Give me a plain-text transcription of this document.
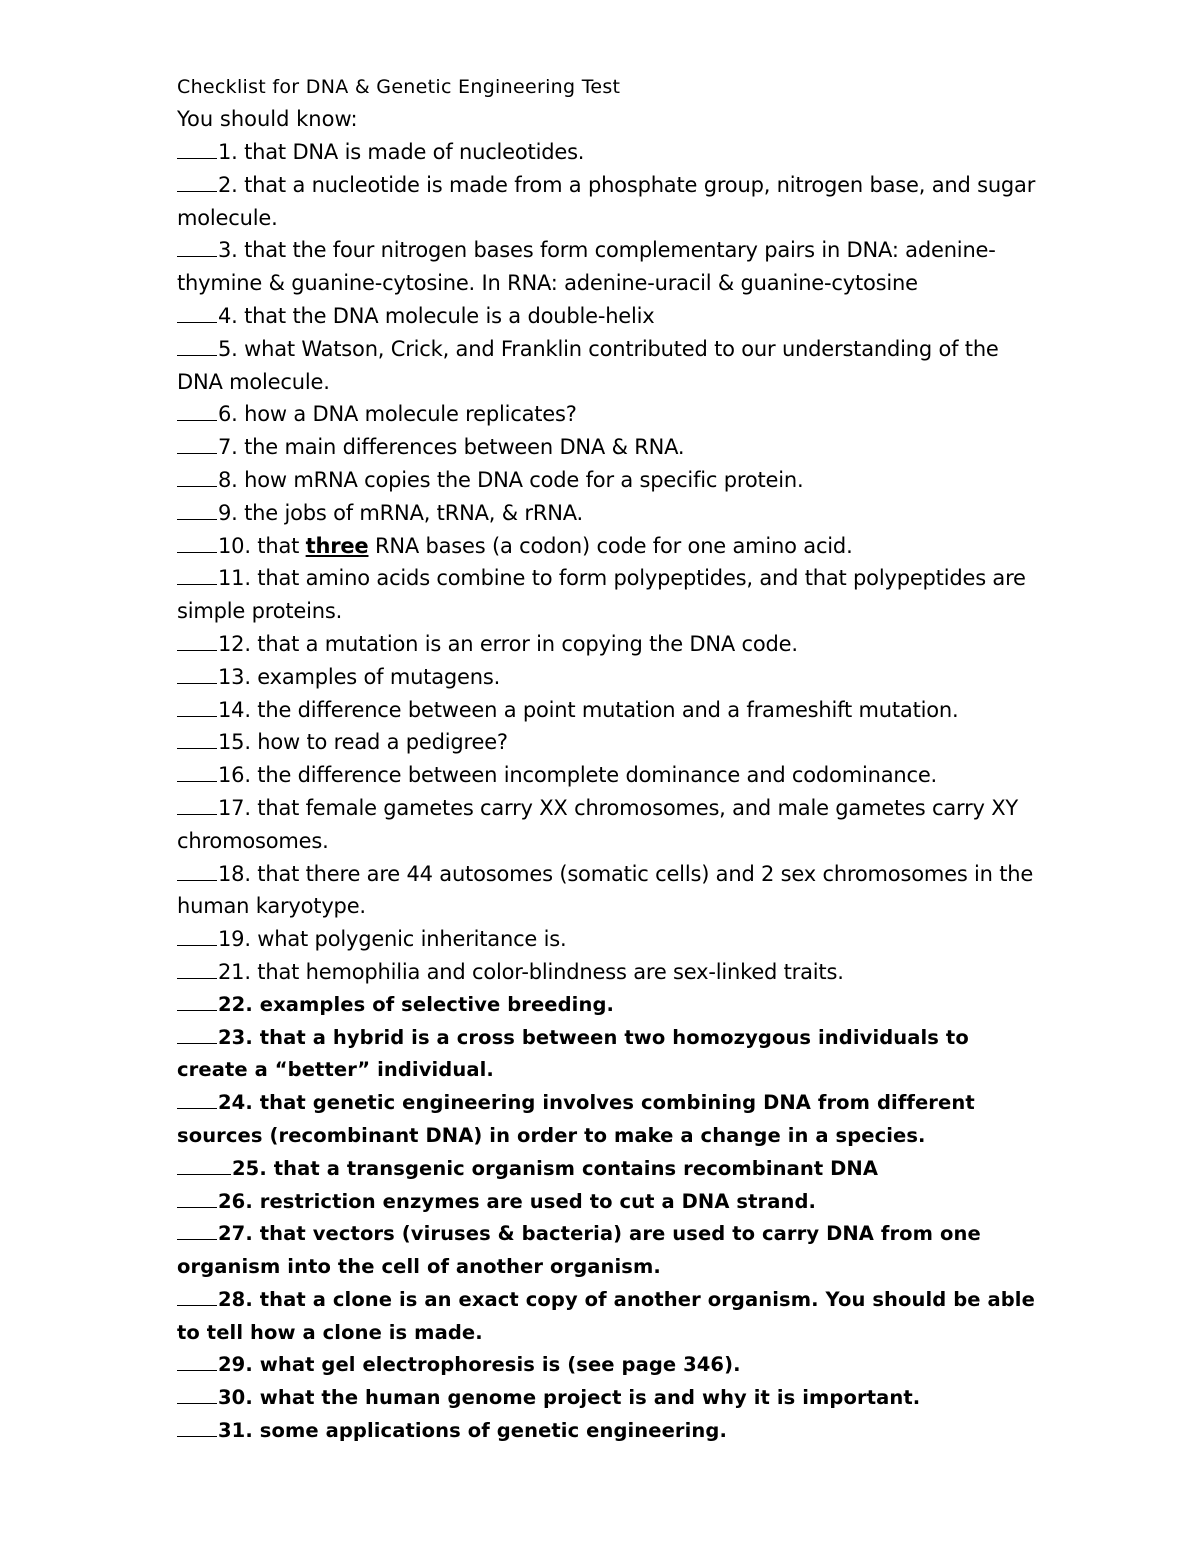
Checklist for DNA & Genetic Engineering Test

You should know:

1. that DNA is made of nucleotides.

2. that a nucleotide is made from a phosphate group, nitrogen base, and sugar molecule.

3. that the four nitrogen bases form complementary pairs in DNA: adenine-thymine & guanine-cytosine. In RNA: adenine-uracil & guanine-cytosine

4. that the DNA molecule is a double-helix

5. what Watson, Crick, and Franklin contributed to our understanding of the DNA molecule.

6. how a DNA molecule replicates?

7. the main differences between DNA & RNA.

8. how mRNA copies the DNA code for a specific protein.

9. the jobs of mRNA, tRNA, & rRNA.

10. that three RNA bases (a codon) code for one amino acid.

11. that amino acids combine to form polypeptides, and that polypeptides are simple proteins.

12. that a mutation is an error in copying the DNA code.

13. examples of mutagens.

14. the difference between a point mutation and a frameshift mutation.

15. how to read a pedigree?

16. the difference between incomplete dominance and codominance.

17. that female gametes carry XX chromosomes, and male gametes carry XY chromosomes.

18. that there are 44 autosomes (somatic cells) and 2 sex chromosomes in the human karyotype.

19. what polygenic inheritance is.

21. that hemophilia and color-blindness are sex-linked traits.

22. examples of selective breeding.

23. that a hybrid is a cross between two homozygous individuals to create a “better” individual.

24. that genetic engineering involves combining DNA from different sources (recombinant DNA) in order to make a change in a species.

25. that a transgenic organism contains recombinant DNA

26. restriction enzymes are used to cut a DNA strand.

27. that vectors (viruses & bacteria) are used to carry DNA from one organism into the cell of another organism.

28. that a clone is an exact copy of another organism. You should be able to tell how a clone is made.

29. what gel electrophoresis is (see page 346).

30. what the human genome project is and why it is important.

31. some applications of genetic engineering.
